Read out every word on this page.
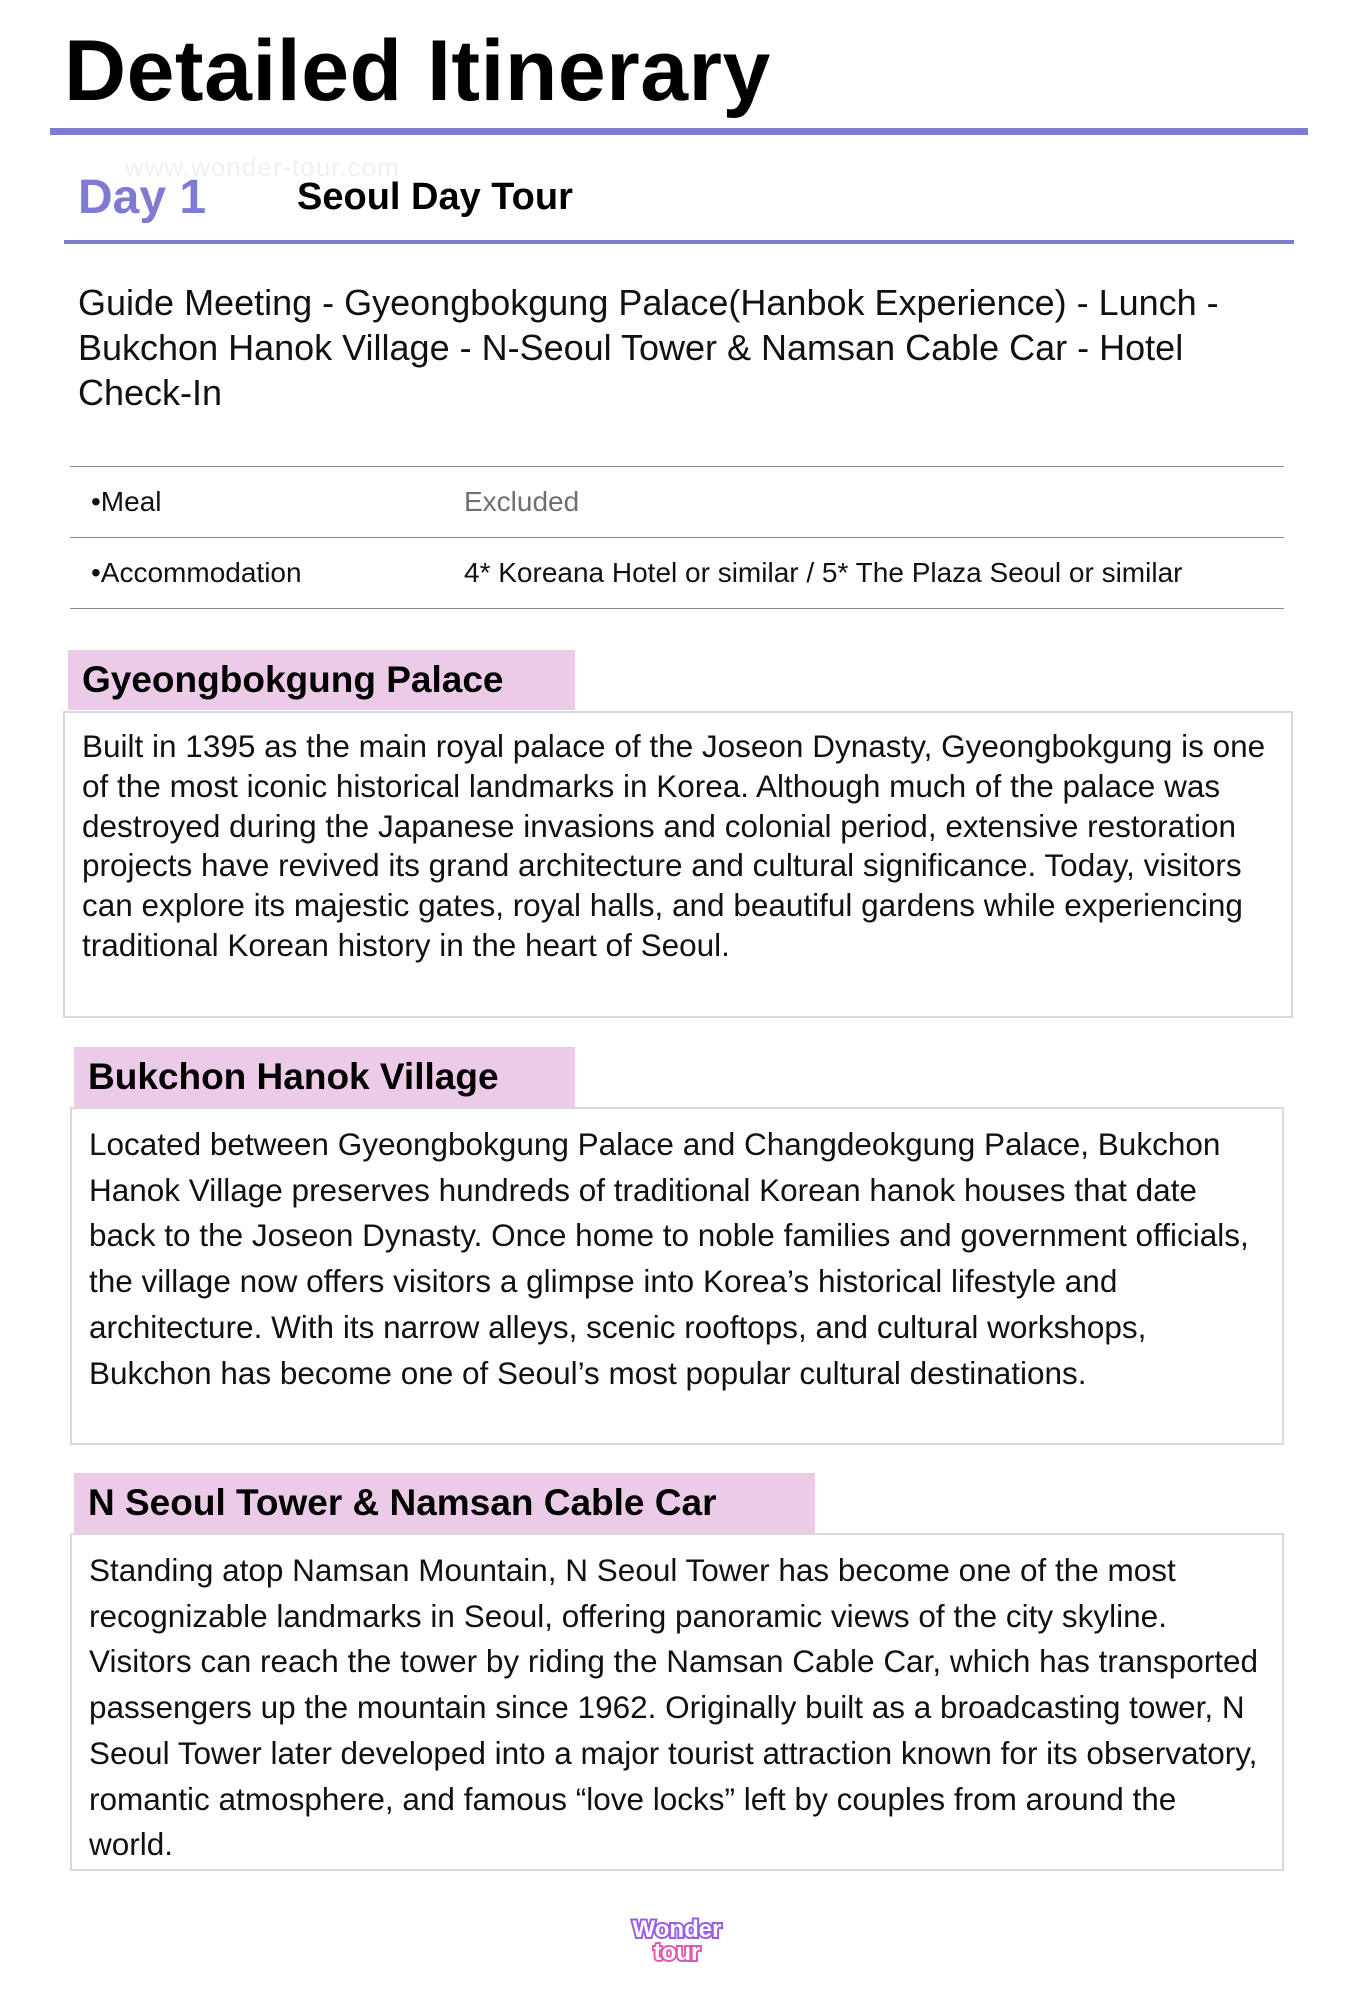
Detailed Itinerary
www.wonder-tour.com
Day 1 Seoul Day Tour
Guide Meeting - Gyeongbokgung Palace(Hanbok Experience) - Lunch - Bukchon Hanok Village - N-Seoul Tower & Namsan Cable Car - Hotel Check-In
•Meal	Excluded
•Accommodation	4* Koreana Hotel or similar / 5* The Plaza Seoul or similar
Gyeongbokgung Palace
Built in 1395 as the main royal palace of the Joseon Dynasty, Gyeongbokgung is one of the most iconic historical landmarks in Korea. Although much of the palace was destroyed during the Japanese invasions and colonial period, extensive restoration projects have revived its grand architecture and cultural significance. Today, visitors can explore its majestic gates, royal halls, and beautiful gardens while experiencing traditional Korean history in the heart of Seoul.
Bukchon Hanok Village
Located between Gyeongbokgung Palace and Changdeokgung Palace, Bukchon Hanok Village preserves hundreds of traditional Korean hanok houses that date back to the Joseon Dynasty. Once home to noble families and government officials, the village now offers visitors a glimpse into Korea’s historical lifestyle and architecture. With its narrow alleys, scenic rooftops, and cultural workshops, Bukchon has become one of Seoul’s most popular cultural destinations.
N Seoul Tower & Namsan Cable Car
Standing atop Namsan Mountain, N Seoul Tower has become one of the most recognizable landmarks in Seoul, offering panoramic views of the city skyline. Visitors can reach the tower by riding the Namsan Cable Car, which has transported passengers up the mountain since 1962. Originally built as a broadcasting tower, N Seoul Tower later developed into a major tourist attraction known for its observatory, romantic atmosphere, and famous “love locks” left by couples from around the world.
Wonder
tour
